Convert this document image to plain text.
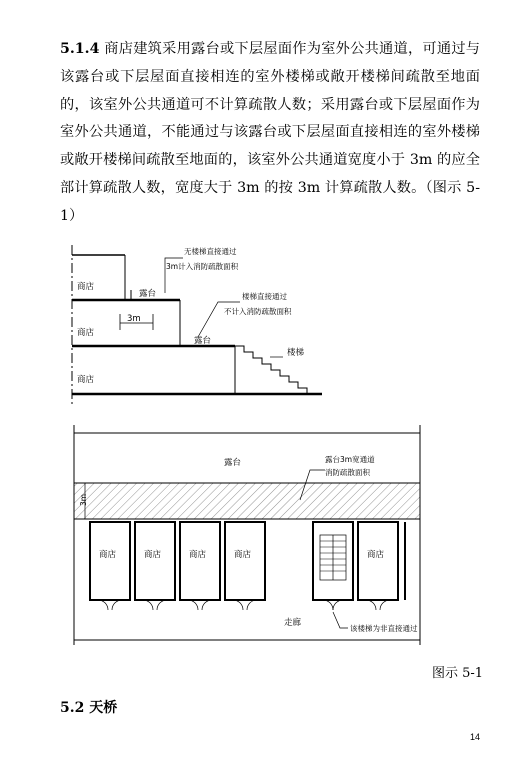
5.1.4 商店建筑采用露台或下层屋面作为室外公共通道，可通过与该露台或下层屋面直接相连的室外楼梯或敞开楼梯间疏散至地面的，该室外公共通道可不计算疏散人数；采用露台或下层屋面作为室外公共通道，不能通过与该露台或下层屋面直接相连的室外楼梯或敞开楼梯间疏散至地面的，该室外公共通道宽度小于 3m 的应全部计算疏散人数，宽度大于 3m 的按 3m 计算疏散人数。（图示 5-1）
商店
商店
商店
露台
露台
3m
楼梯
无楼梯直接通过
3m计入消防疏散面积
楼梯直接通过
不计入消防疏散面积
露台
商店	商店	商店	商店	商店
走廊
3m
露台3m宽通道
消防疏散面积
该楼梯为非直接通过
图示 5-1
5.2 天桥
14
